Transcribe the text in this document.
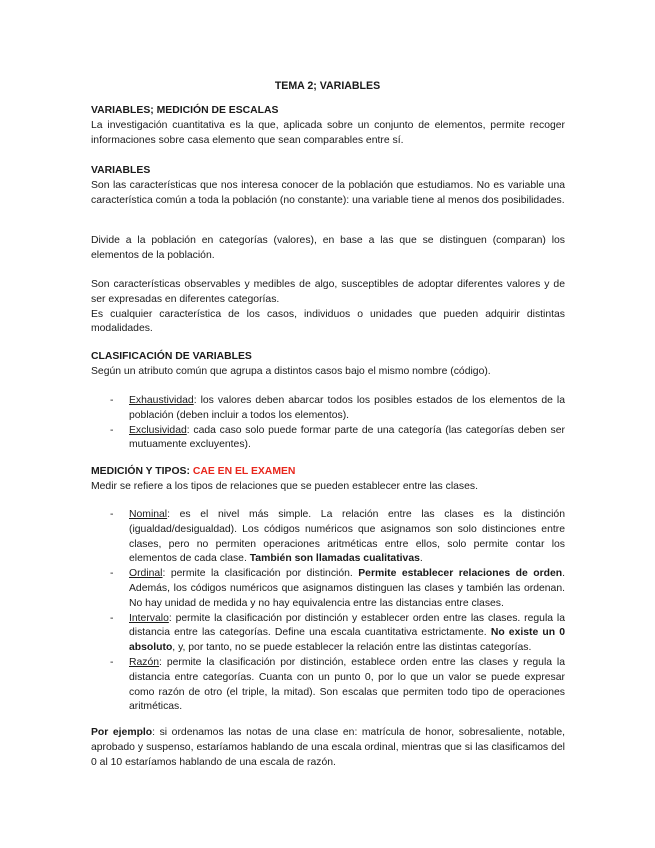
TEMA 2; VARIABLES
VARIABLES; MEDICIÓN DE ESCALAS
La investigación cuantitativa es la que, aplicada sobre un conjunto de elementos, permite recoger informaciones sobre casa elemento que sean comparables entre sí.
VARIABLES
Son las características que nos interesa conocer de la población que estudiamos. No es variable una característica común a toda la población (no constante): una variable tiene al menos dos posibilidades.
Divide a la población en categorías (valores), en base a las que se distinguen (comparan) los elementos de la población.
Son características observables y medibles de algo, susceptibles de adoptar diferentes valores y de ser expresadas en diferentes categorías.
Es cualquier característica de los casos, individuos o unidades que pueden adquirir distintas modalidades.
CLASIFICACIÓN DE VARIABLES
Según un atributo común que agrupa a distintos casos bajo el mismo nombre (código).
- Exhaustividad: los valores deben abarcar todos los posibles estados de los elementos de la población (deben incluir a todos los elementos).
- Exclusividad: cada caso solo puede formar parte de una categoría (las categorías deben ser mutuamente excluyentes).
MEDICIÓN Y TIPOS: CAE EN EL EXAMEN
Medir se refiere a los tipos de relaciones que se pueden establecer entre las clases.
- Nominal: es el nivel más simple. La relación entre las clases es la distinción (igualdad/desigualdad). Los códigos numéricos que asignamos son solo distinciones entre clases, pero no permiten operaciones aritméticas entre ellos, solo permite contar los elementos de cada clase. También son llamadas cualitativas.
- Ordinal: permite la clasificación por distinción. Permite establecer relaciones de orden. Además, los códigos numéricos que asignamos distinguen las clases y también las ordenan. No hay unidad de medida y no hay equivalencia entre las distancias entre clases.
- Intervalo: permite la clasificación por distinción y establecer orden entre las clases. regula la distancia entre las categorías. Define una escala cuantitativa estrictamente. No existe un 0 absoluto, y, por tanto, no se puede establecer la relación entre las distintas categorías.
- Razón: permite la clasificación por distinción, establece orden entre las clases y regula la distancia entre categorías. Cuanta con un punto 0, por lo que un valor se puede expresar como razón de otro (el triple, la mitad). Son escalas que permiten todo tipo de operaciones aritméticas.
Por ejemplo: si ordenamos las notas de una clase en: matrícula de honor, sobresaliente, notable, aprobado y suspenso, estaríamos hablando de una escala ordinal, mientras que si las clasificamos del 0 al 10 estaríamos hablando de una escala de razón.
